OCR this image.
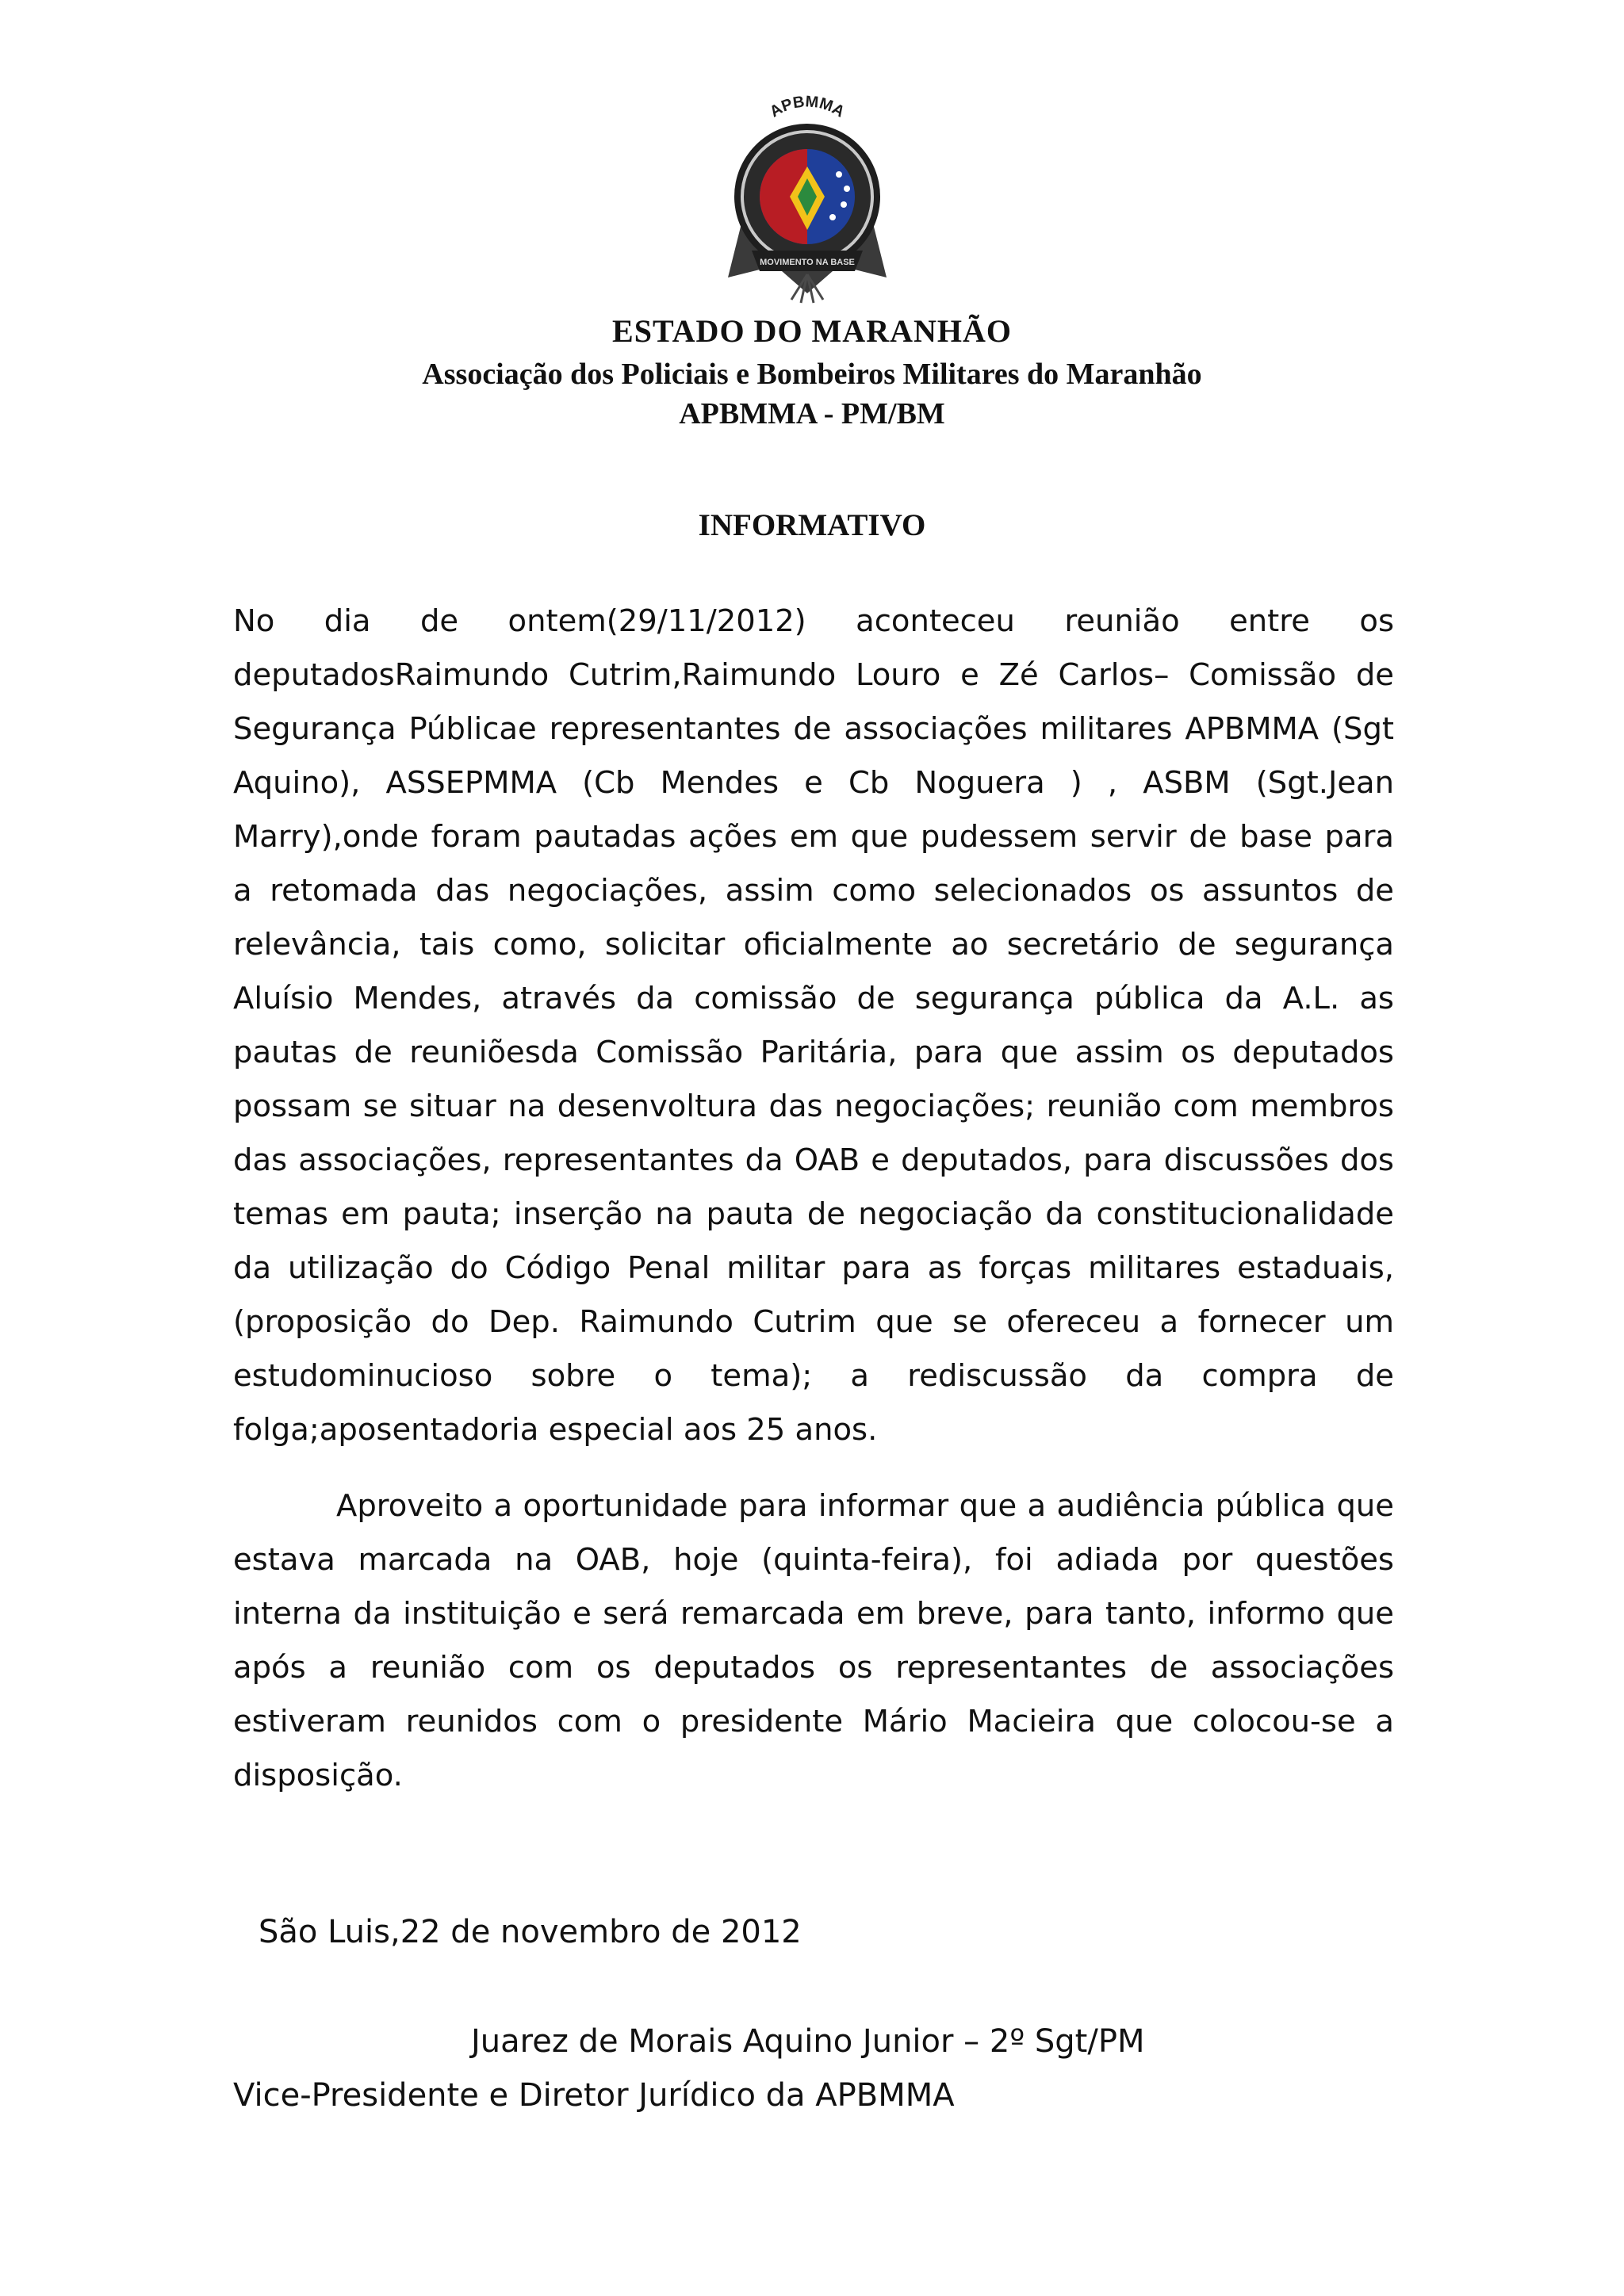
APBMMA
MOVIMENTO NA BASE
ESTADO DO MARANHÃO
Associação dos Policiais e Bombeiros Militares do Maranhão
APBMMA - PM/BM
INFORMATIVO

No dia de ontem(29/11/2012) aconteceu reunião entre os deputadosRaimundo Cutrim,Raimundo Louro e Zé Carlos– Comissão de Segurança Públicae representantes de associações militares APBMMA (Sgt Aquino), ASSEPMMA (Cb Mendes e Cb Noguera ) , ASBM (Sgt.Jean Marry),onde foram pautadas ações em que pudessem servir de base para a retomada das negociações, assim como selecionados os assuntos de relevância, tais como, solicitar oficialmente ao secretário de segurança Aluísio Mendes, através da comissão de segurança pública da A.L. as pautas de reuniõesda Comissão Paritária, para que assim os deputados possam se situar na desenvoltura das negociações; reunião com membros das associações, representantes da OAB e deputados, para discussões dos temas em pauta; inserção na pauta de negociação da constitucionalidade da utilização do Código Penal militar para as forças militares estaduais, (proposição do Dep. Raimundo Cutrim que se ofereceu a fornecer um estudominucioso sobre o tema); a rediscussão da compra de folga;aposentadoria especial aos 25 anos.

Aproveito a oportunidade para informar que a audiência pública que estava marcada na OAB, hoje (quinta-feira), foi adiada por questões interna da instituição e será remarcada em breve, para tanto, informo que após a reunião com os deputados os representantes de associações estiveram reunidos com o presidente Mário Macieira que colocou-se a disposição.

São Luis,22 de novembro de 2012
Juarez de Morais Aquino Junior – 2º Sgt/PM
Vice-Presidente e Diretor Jurídico da APBMMA
